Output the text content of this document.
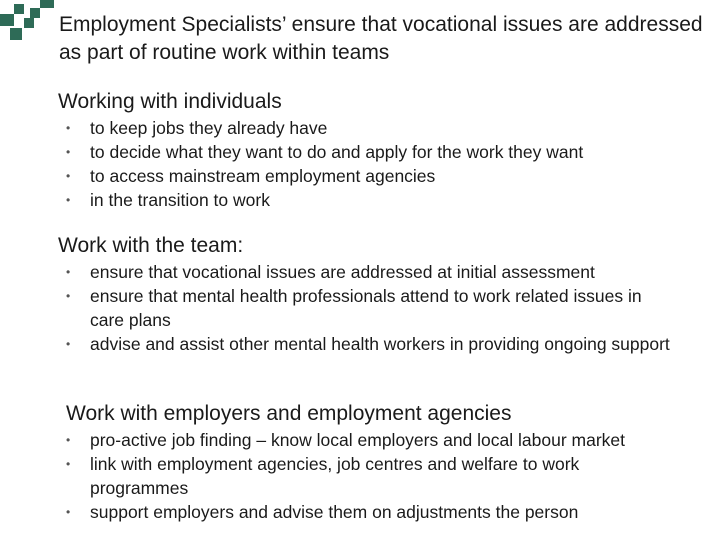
Employment Specialists’ ensure that vocational issues are addressed as part of routine work within teams
Working with individuals
• to keep jobs they already have
• to decide what they want to do and apply for the work they want
• to access mainstream employment agencies
• in the transition to work
Work with the team:
• ensure that vocational issues are addressed at initial assessment
• ensure that mental health professionals attend to work related issues in care plans
• advise and assist other mental health workers in providing ongoing support
Work with employers and employment agencies
• pro-active job finding – know local employers and local labour market
• link with employment agencies, job centres and welfare to work programmes
• support employers and advise them on adjustments the person
